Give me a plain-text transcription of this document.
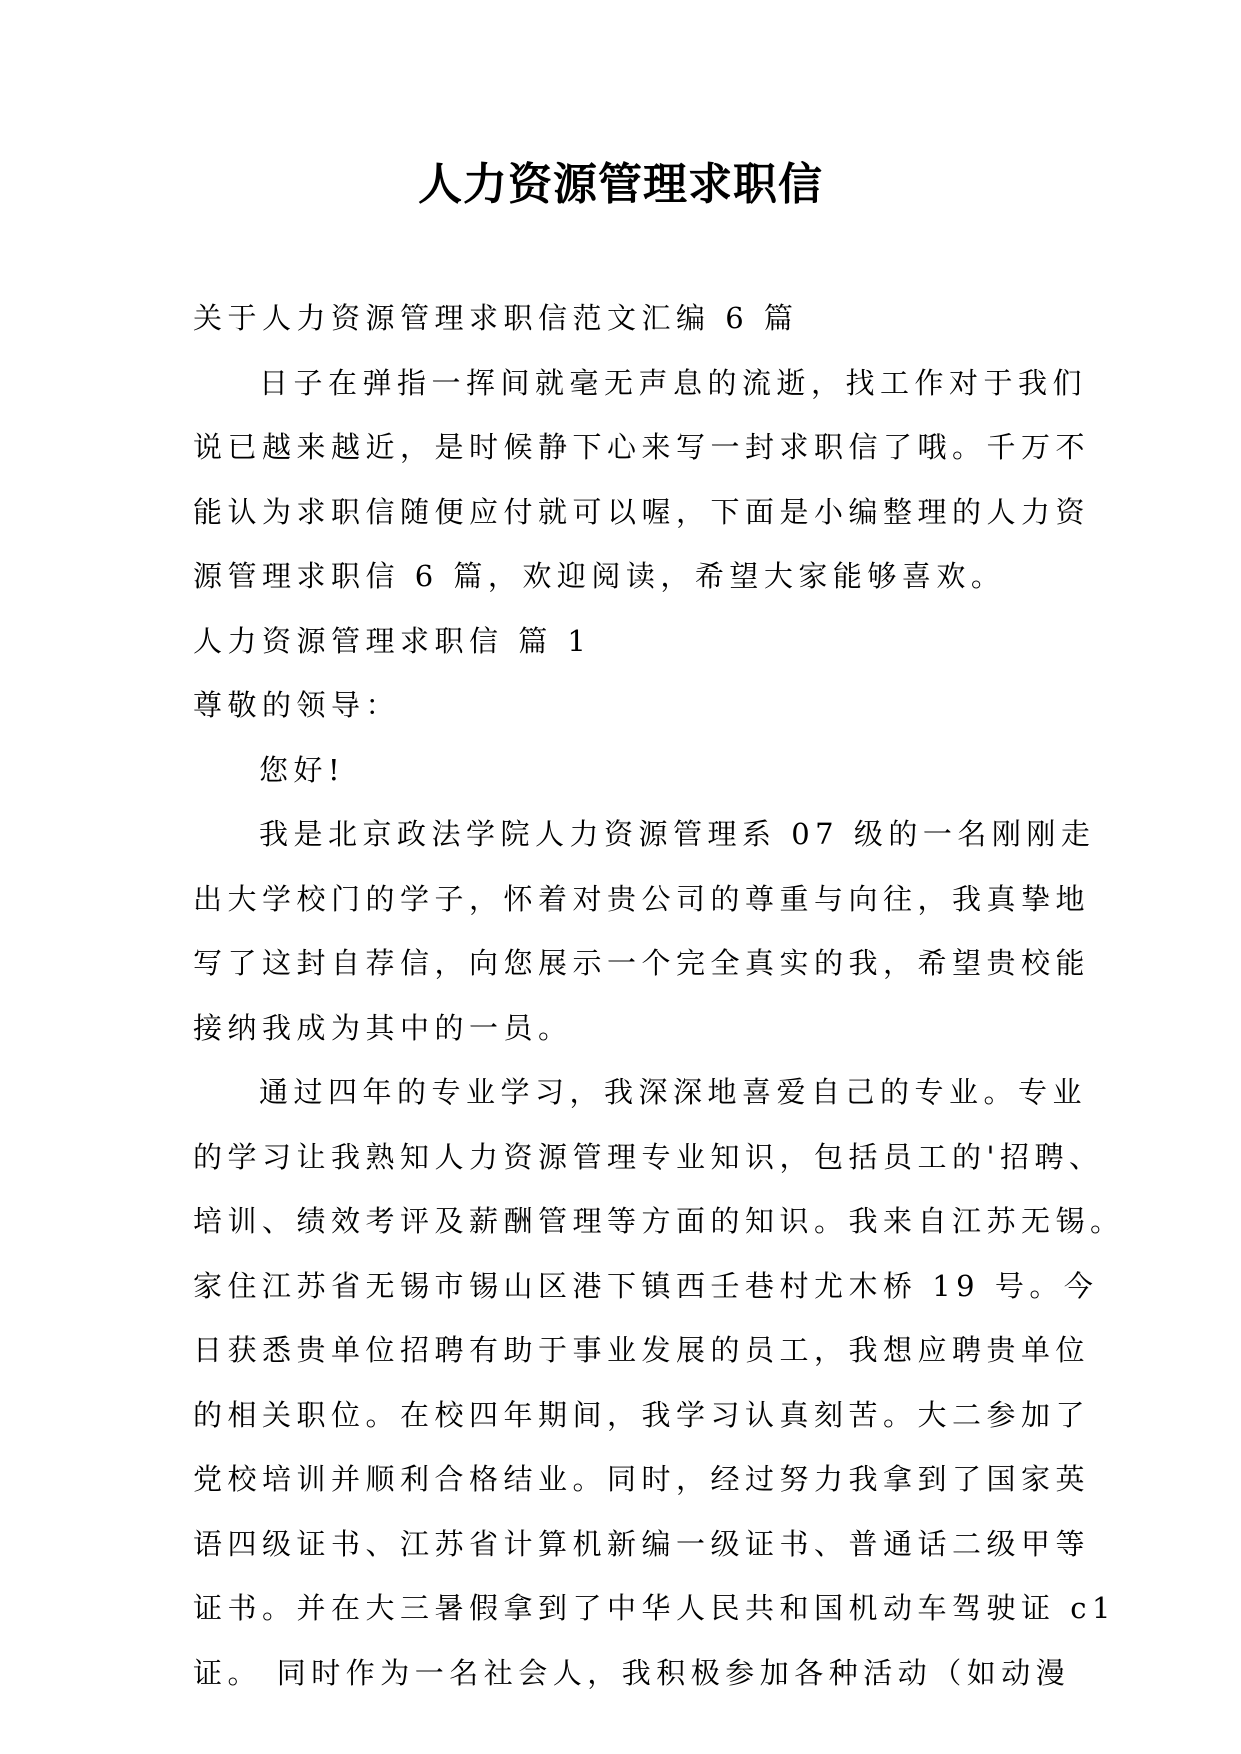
人力资源管理求职信

关于人力资源管理求职信范文汇编 6 篇

日子在弹指一挥间就毫无声息的流逝，找工作对于我们

说已越来越近，是时候静下心来写一封求职信了哦。千万不

能认为求职信随便应付就可以喔，下面是小编整理的人力资

源管理求职信 6 篇，欢迎阅读，希望大家能够喜欢。

人力资源管理求职信 篇 1

尊敬的领导：

您好!

我是北京政法学院人力资源管理系 07 级的一名刚刚走

出大学校门的学子，怀着对贵公司的尊重与向往，我真挚地

写了这封自荐信，向您展示一个完全真实的我，希望贵校能

接纳我成为其中的一员。

通过四年的专业学习，我深深地喜爱自己的专业。专业

的学习让我熟知人力资源管理专业知识，包括员工的'招聘、

培训、绩效考评及薪酬管理等方面的知识。我来自江苏无锡。

家住江苏省无锡市锡山区港下镇西壬巷村尤木桥 19 号。今

日获悉贵单位招聘有助于事业发展的员工，我想应聘贵单位

的相关职位。在校四年期间，我学习认真刻苦。大二参加了

党校培训并顺利合格结业。同时，经过努力我拿到了国家英

语四级证书、江苏省计算机新编一级证书、普通话二级甲等

证书。并在大三暑假拿到了中华人民共和国机动车驾驶证 c1

证。 同时作为一名社会人，我积极参加各种活动（如动漫
